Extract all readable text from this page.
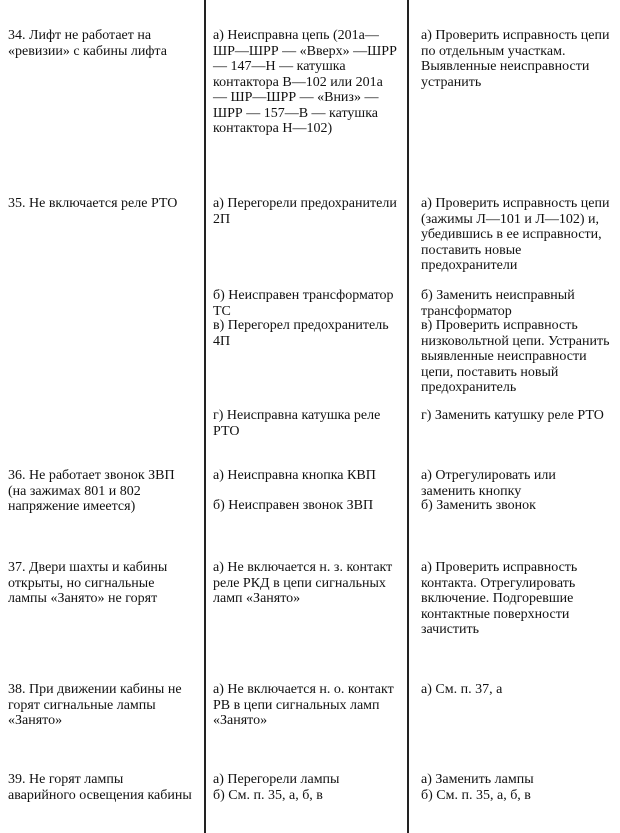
34. Лифт не работает на «ревизии» с кабины лифта

а) Неисправна цепь (201а—ШР—ШРР — «Вверх» —ШРР— 147—Н — катушка контактора В—102 или 201а — ШР—ШРР — «Вниз» — ШРР — 157—В — катушка контактора Н—102)

а) Проверить исправность цепи по отдельным участкам. Выявленные неисправности устранить

35. Не включается реле РТО	а) Перегорели предохранители 2П

б) Неисправен трансформатор ТС

в) Перегорел предохранитель 4П

г) Неисправна катушка реле РТО

а) Проверить исправность цепи (зажимы Л—101 и Л—102) и, убедившись в ее исправности, поставить новые предохранители

б) Заменить неисправный трансформатор

в) Проверить исправность низковольтной цепи. Устранить выявленные неисправности цепи, поставить новый предохранитель

г) Заменить катушку реле РТО

36. Не работает звонок ЗВП (на зажимах 801 и 802 напряжение имеется)

а) Неисправна кнопка КВП

б) Неисправен звонок ЗВП

а) Отрегулировать или заменить кнопку

б) Заменить звонок

37. Двери шахты и кабины открыты, но сигнальные лампы «Занято» не горят

а) Не включается н. з. контакт реле РКД в цепи сигнальных ламп «Занято»

а) Проверить исправность контакта. Отрегулировать включение. Подгоревшие контактные поверхности зачистить

38. При движении кабины не горят сигнальные лампы «Занято»

а) Не включается н. о. контакт РВ в цепи сигнальных ламп «Занято»

а) См. п. 37, а

39. Не горят лампы аварийного освещения кабины

а) Перегорели лампы

б) См. п. 35, а, б, в

а) Заменить лампы

б) См. п. 35, а, б, в
